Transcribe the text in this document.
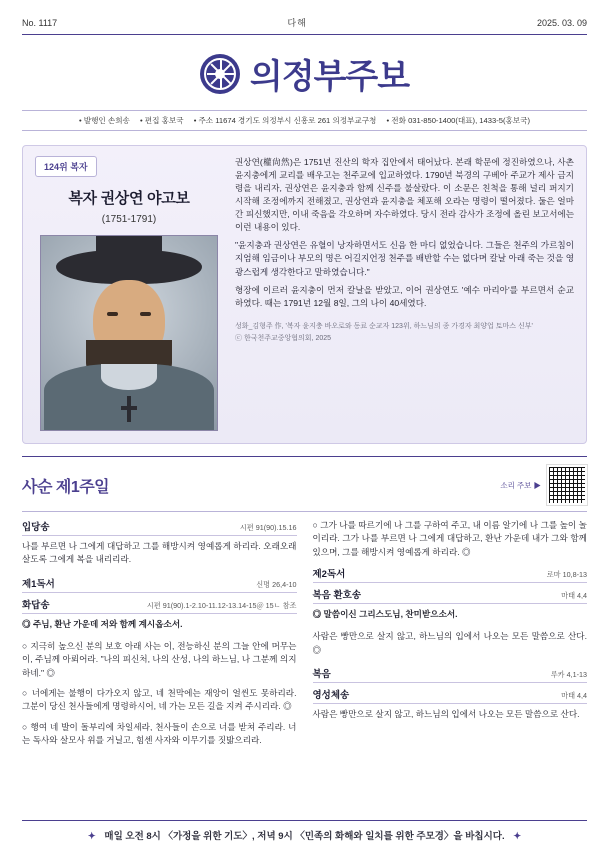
No. 1117	다해	2025. 03. 09
의정부주보
• 발행인 손희송 • 편집 홍보국 • 주소 11674 경기도 의정부시 신흥로 261 의정부교구청 • 전화 031-850-1400(대표), 1433-5(홍보국)
124위 복자
복자 권상연 야고보
(1751-1791)

권상연(權尙然)은 1751년 진산의 학자 집안에서 태어났다. 본래 학문에 정진하였으나, 사촌 윤지충에게 교리를 배우고는 천주교에 입교하였다. 1790년 북경의 구베아 주교가 제사 금지령을 내리자, 권상연은 윤지충과 함께 신주를 불살랐다. 이 소문은 친척을 통해 널리 퍼지기 시작해 조정에까지 전해졌고, 권상연과 윤지충을 체포해 오라는 명령이 떨어졌다. 둘은 얼마간 피신했지만, 이내 죽음을 각오하며 자수하였다. 당시 전라 감사가 조정에 올린 보고서에는 이런 내용이 있다.

"윤지충과 권상연은 유혈이 낭자하면서도 신음 한 마디 없었습니다. 그들은 천주의 가르침이 지엄해 임금이나 부모의 명은 어길지언정 천주를 배반할 수는 없다며 칼날 아래 죽는 것을 영광스럽게 생각한다고 말하였습니다."

형장에 이르러 윤지충이 먼저 칼날을 받았고, 이어 권상연도 '예수 마리아'를 부르면서 순교하였다. 때는 1791년 12월 8일, 그의 나이 40세였다.

성화_김형주 作, '복자 윤지충 바오로와 동료 순교자 123위, 하느님의 종 가경자 최양업 토마스 신부'
ⓒ 한국천주교중앙협의회, 2025
사순 제1주일	소리 주보 ▶
입당송	시편 91(90).15.16

나를 부르면 나 그에게 대답하고 그를 해방시켜 영예롭게 하리라. 오래오래 살도록 그에게 복을 내리리라.

제1독서	신명 26,4-10
화답송	시편 91(90).1-2.10-11.12-13.14-15＠ 15ㄴ 참조

◎ 주님, 환난 가운데 저와 함께 계시옵소서.

○ 지극히 높으신 분의 보호 아래 사는 이, 전능하신 분의 그늘 안에 머무는 이, 주님께 아뢰어라. "나의 피신처, 나의 산성, 나의 하느님, 나 그분께 의지하네." ◎

○ 너에게는 불행이 다가오지 않고, 네 천막에는 재앙이 얼씬도 못하리라. 그분이 당신 천사들에게 명령하시어, 네 가는 모든 길을 지켜 주시리라. ◎

○ 행여 네 발이 돌부리에 차일세라, 천사들이 손으로 너를 받쳐 주리라. 너는 독사와 살모사 위를 거닐고, 힘센 사자와 이무기를 짓밟으리라.

○ 그가 나를 따르기에 나 그를 구하여 주고, 내 이름 알기에 나 그를 높이 놀이리라. 그가 나를 부르면 나 그에게 대답하고, 환난 가운데 내가 그와 함께 있으며, 그를 해방시켜 영예롭게 하리라. ◎

제2독서	로마 10,8-13
복음 환호송	마태 4,4

◎ 말씀이신 그리스도님, 찬미받으소서.

사람은 빵만으로 살지 않고, 하느님의 입에서 나오는 모든 말씀으로 산다. ◎

복음	루카 4,1-13
영성체송	마태 4,4

사람은 빵만으로 살지 않고, 하느님의 입에서 나오는 모든 말씀으로 산다.

✦ 매일 오전 8시 〈가정을 위한 기도〉, 저녁 9시 〈민족의 화해와 일치를 위한 주모경〉을 바칩시다. ✦
